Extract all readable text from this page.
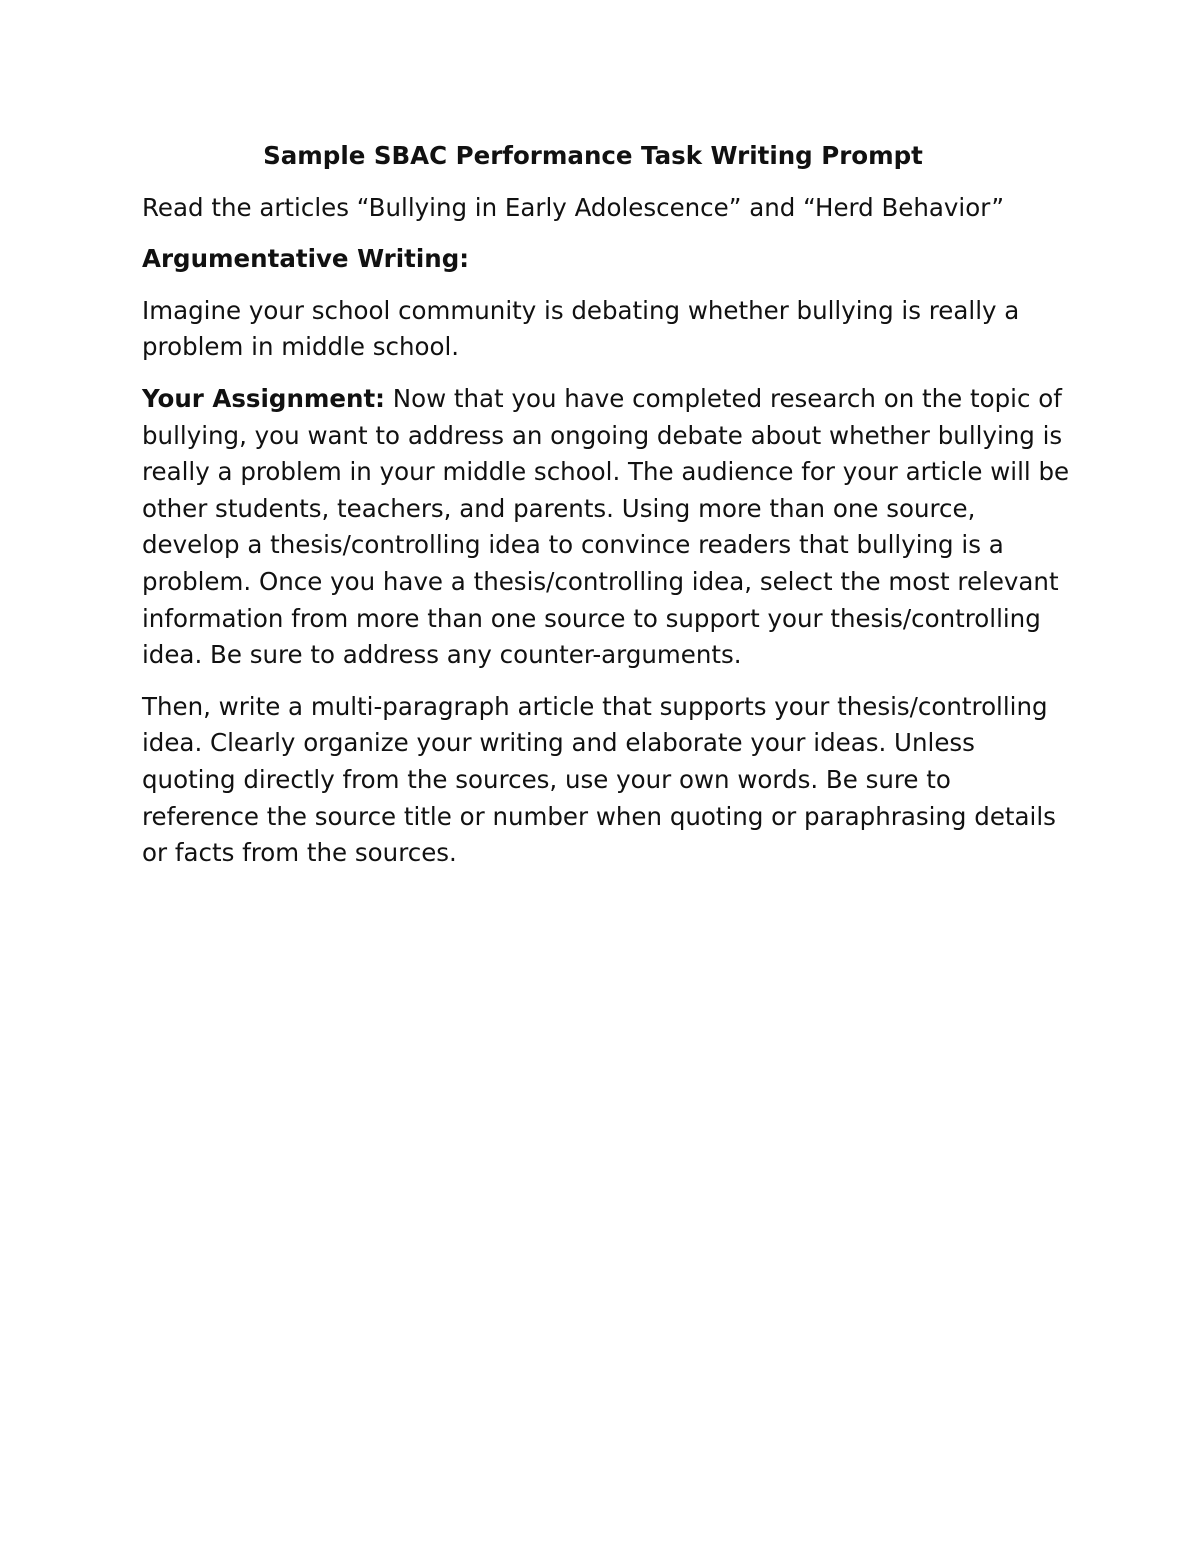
Sample SBAC Performance Task Writing Prompt

Read the articles “Bullying in Early Adolescence” and “Herd Behavior”

Argumentative Writing:

Imagine your school community is debating whether bullying is really a problem in middle school.

Your Assignment: Now that you have completed research on the topic of bullying, you want to address an ongoing debate about whether bullying is really a problem in your middle school. The audience for your article will be other students, teachers, and parents. Using more than one source, develop a thesis/controlling idea to convince readers that bullying is a problem. Once you have a thesis/controlling idea, select the most relevant information from more than one source to support your thesis/controlling idea. Be sure to address any counter-arguments.

Then, write a multi-paragraph article that supports your thesis/controlling idea. Clearly organize your writing and elaborate your ideas. Unless quoting directly from the sources, use your own words. Be sure to reference the source title or number when quoting or paraphrasing details or facts from the sources.
